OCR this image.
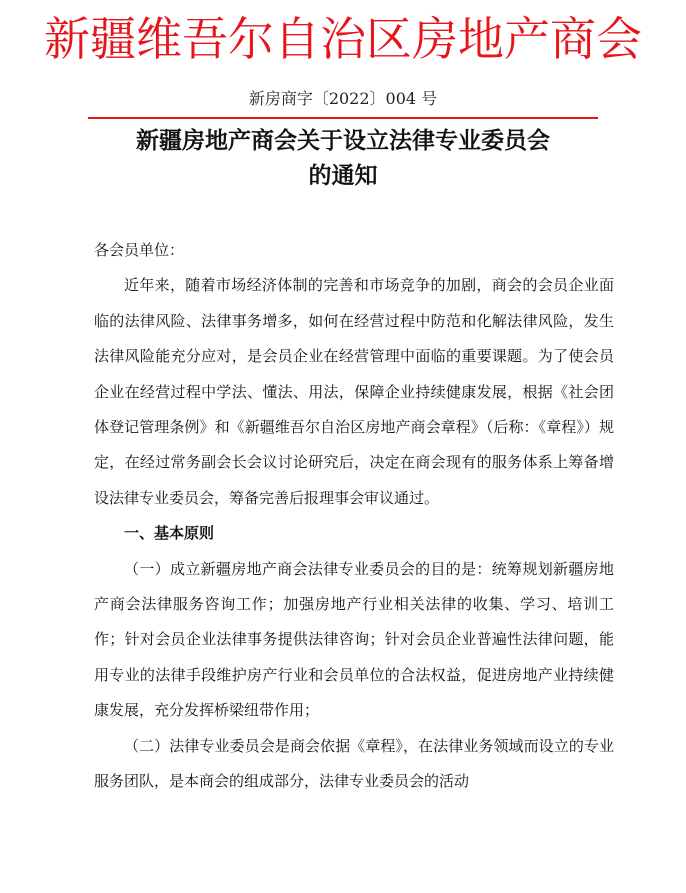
新疆维吾尔自治区房地产商会
新房商字〔2022〕004 号
新疆房地产商会关于设立法律专业委员会
的通知

各会员单位：

近年来，随着市场经济体制的完善和市场竞争的加剧，商会的会员企业面临的法律风险、法律事务增多，如何在经营过程中防范和化解法律风险，发生法律风险能充分应对，是会员企业在经营管理中面临的重要课题。为了使会员企业在经营过程中学法、懂法、用法，保障企业持续健康发展，根据《社会团体登记管理条例》和《新疆维吾尔自治区房地产商会章程》（后称：《章程》）规定，在经过常务副会长会议讨论研究后，决定在商会现有的服务体系上筹备增设法律专业委员会，筹备完善后报理事会审议通过。

一、基本原则

（一）成立新疆房地产商会法律专业委员会的目的是：统筹规划新疆房地产商会法律服务咨询工作；加强房地产行业相关法律的收集、学习、培训工作；针对会员企业法律事务提供法律咨询；针对会员企业普遍性法律问题，能用专业的法律手段维护房产行业和会员单位的合法权益，促进房地产业持续健康发展，充分发挥桥梁纽带作用；

（二）法律专业委员会是商会依据《章程》，在法律业务领域而设立的专业服务团队，是本商会的组成部分，法律专业委员会的活动
